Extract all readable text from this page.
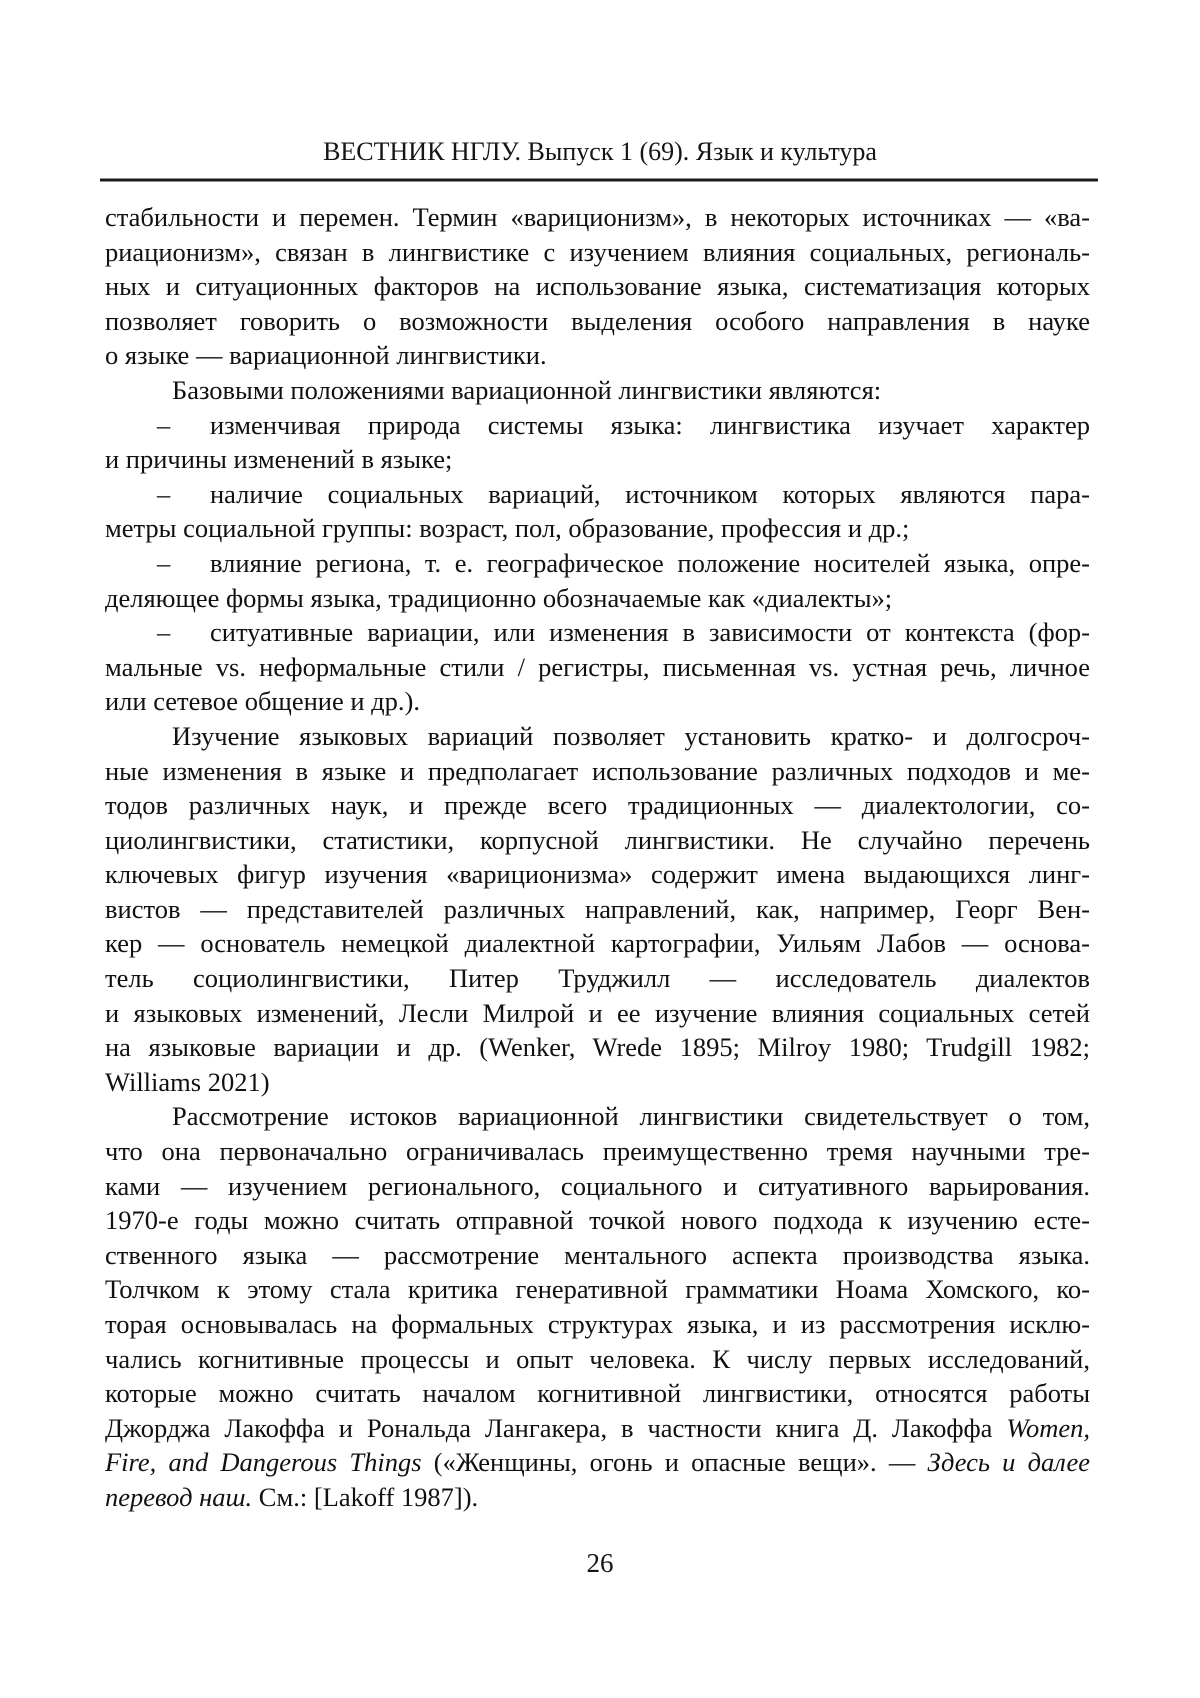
ВЕСТНИК НГЛУ. Выпуск 1 (69). Язык и культура
стабильности и перемен. Термин «вариционизм», в некоторых источниках — «ва-
риационизм», связан в лингвистике с изучением влияния социальных, региональ-
ных и ситуационных факторов на использование языка, систематизация которых
позволяет говорить о возможности выделения особого направления в науке
о языке — вариационной лингвистики.
Базовыми положениями вариационной лингвистики являются:
– изменчивая природа системы языка: лингвистика изучает характер
и причины изменений в языке;
– наличие социальных вариаций, источником которых являются пара-
метры социальной группы: возраст, пол, образование, профессия и др.;
– влияние региона, т. е. географическое положение носителей языка, опре-
деляющее формы языка, традиционно обозначаемые как «диалекты»;
– ситуативные вариации, или изменения в зависимости от контекста (фор-
мальные vs. неформальные стили / регистры, письменная vs. устная речь, личное
или сетевое общение и др.).
Изучение языковых вариаций позволяет установить кратко- и долгосроч-
ные изменения в языке и предполагает использование различных подходов и ме-
тодов различных наук, и прежде всего традиционных — диалектологии, со-
циолингвистики, статистики, корпусной лингвистики. Не случайно перечень
ключевых фигур изучения «вариционизма» содержит имена выдающихся линг-
вистов — представителей различных направлений, как, например, Георг Вен-
кер — основатель немецкой диалектной картографии, Уильям Лабов — основа-
тель социолингвистики, Питер Труджилл — исследователь диалектов
и языковых изменений, Лесли Милрой и ее изучение влияния социальных сетей
на языковые вариации и др. (Wenker, Wrede 1895; Milroy 1980; Trudgill 1982;
Williams 2021)
Рассмотрение истоков вариационной лингвистики свидетельствует о том,
что она первоначально ограничивалась преимущественно тремя научными тре-
ками — изучением регионального, социального и ситуативного варьирования.
1970-е годы можно считать отправной точкой нового подхода к изучению есте-
ственного языка — рассмотрение ментального аспекта производства языка.
Толчком к этому стала критика генеративной грамматики Ноама Хомского, ко-
торая основывалась на формальных структурах языка, и из рассмотрения исклю-
чались когнитивные процессы и опыт человека. К числу первых исследований,
которые можно считать началом когнитивной лингвистики, относятся работы
Джорджа Лакоффа и Рональда Лангакера, в частности книга Д. Лакоффа Women,
Fire, and Dangerous Things («Женщины, огонь и опасные вещи». — Здесь и далее
перевод наш. См.: [Lakoff 1987]).
26
